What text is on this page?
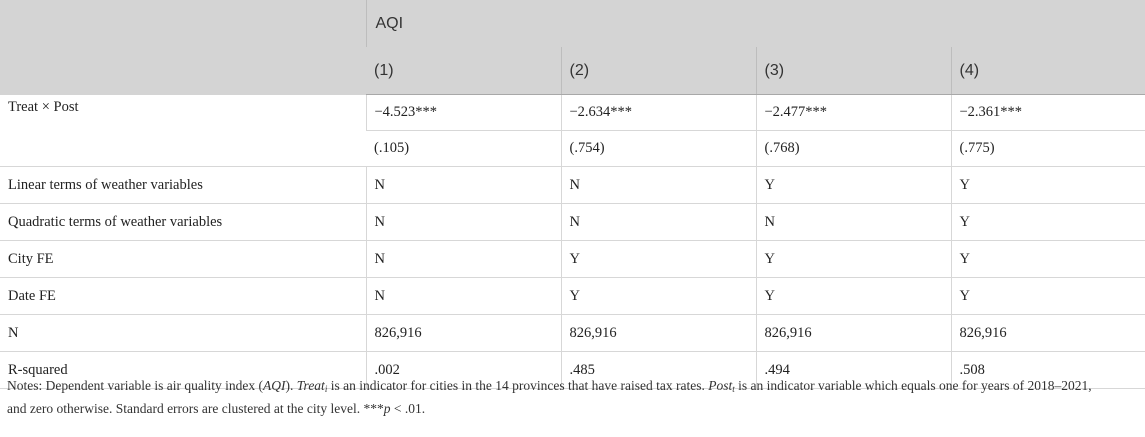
	AQI			
	(1)	(2)	(3)	(4)

Treat × Post	−4.523***	−2.634***	−2.477***	−2.361***
	(.105)	(.754)	(.768)	(.775)
Linear terms of weather variables	N	N	Y	Y
Quadratic terms of weather variables	N	N	N	Y
City FE	N	Y	Y	Y
Date FE	N	Y	Y	Y
N	826,916	826,916	826,916	826,916
R-squared	.002	.485	.494	.508
Notes: Dependent variable is air quality index (AQI). Treat$_i$ is an indicator for cities in the 14 provinces that have raised tax rates. Post$_t$ is an indicator variable which equals one for years of 2018–2021,
and zero otherwise. Standard errors are clustered at the city level. ***p < .01.
